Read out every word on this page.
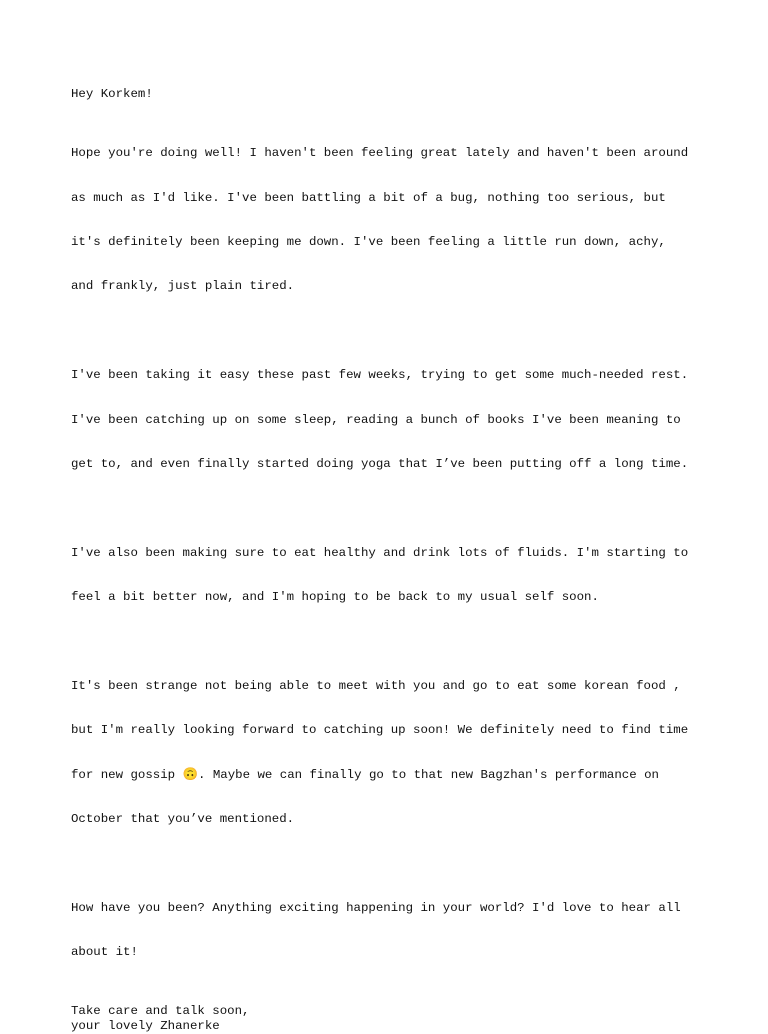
Hey Korkem!

Hope you're doing well! I haven't been feeling great lately and haven't been around

as much as I'd like. I've been battling a bit of a bug, nothing too serious, but

it's definitely been keeping me down. I've been feeling a little run down, achy,

and frankly, just plain tired.

I've been taking it easy these past few weeks, trying to get some much-needed rest.

I've been catching up on some sleep, reading a bunch of books I've been meaning to

get to, and even finally started doing yoga that I’ve been putting off a long time.

I've also been making sure to eat healthy and drink lots of fluids. I'm starting to

feel a bit better now, and I'm hoping to be back to my usual self soon.

It's been strange not being able to meet with you and go to eat some korean food ,

but I'm really looking forward to catching up soon! We definitely need to find time

for new gossip 🙃. Maybe we can finally go to that new Bagzhan's performance on

October that you’ve mentioned.

How have you been? Anything exciting happening in your world? I'd love to hear all

about it!

Take care and talk soon,
your lovely Zhanerke
